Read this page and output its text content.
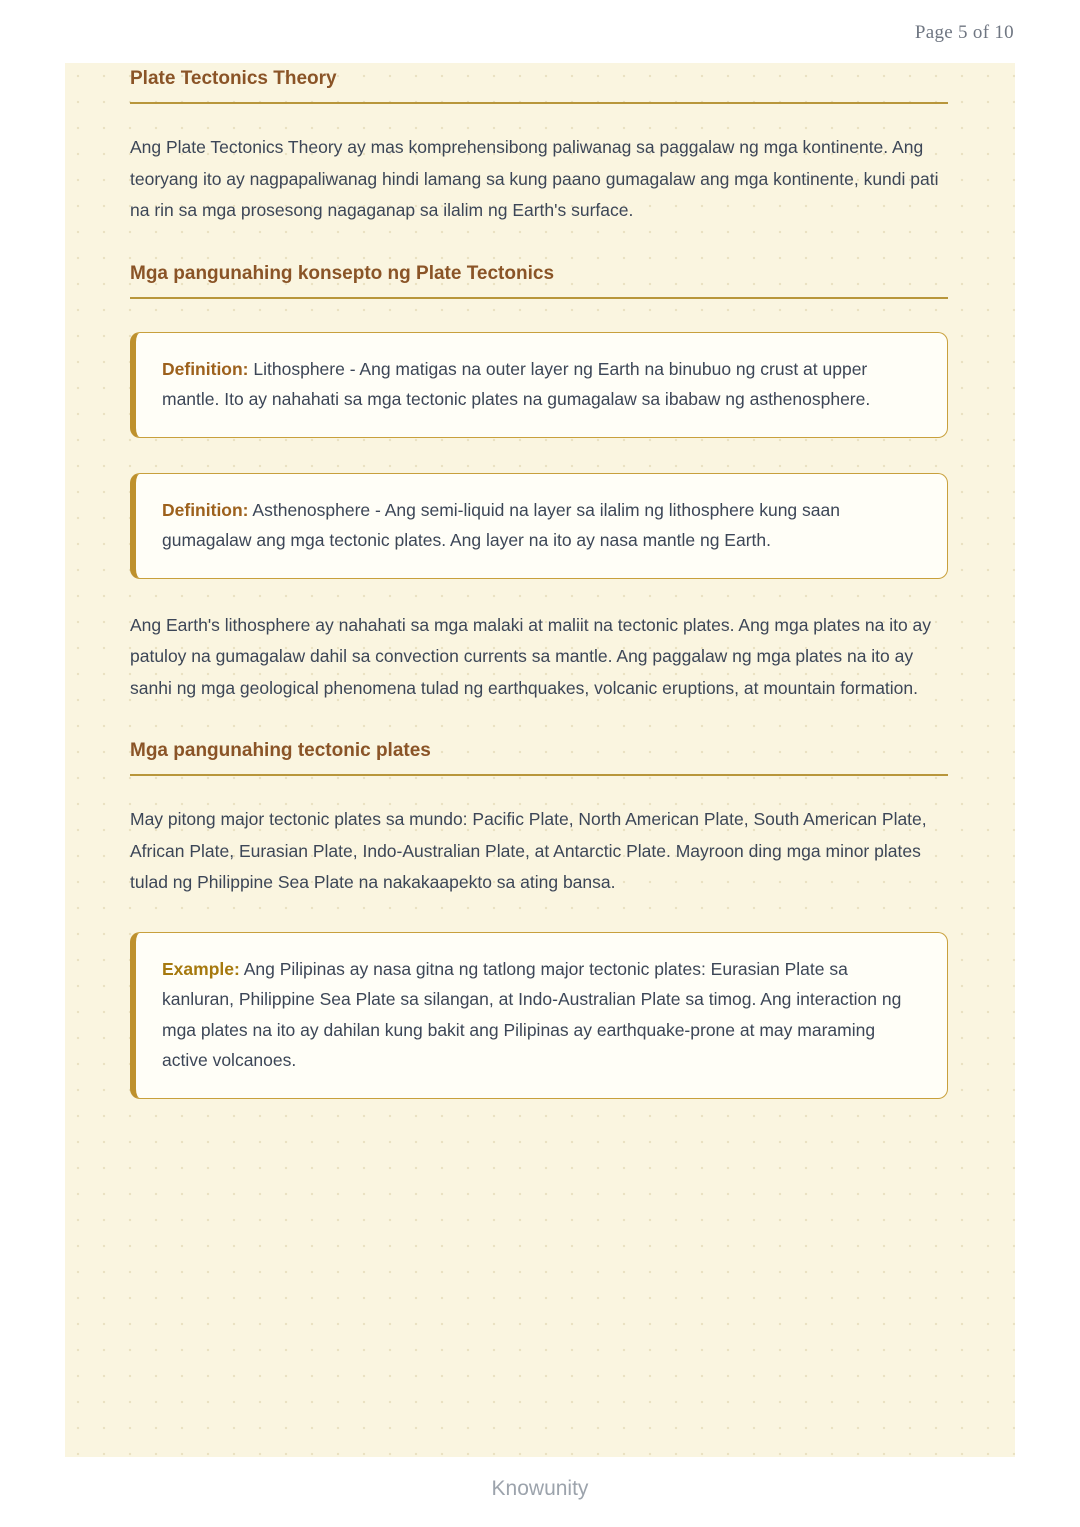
Page 5 of 10
Plate Tectonics Theory

Ang Plate Tectonics Theory ay mas komprehensibong paliwanag sa paggalaw ng mga kontinente. Ang teoryang ito ay nagpapaliwanag hindi lamang sa kung paano gumagalaw ang mga kontinente, kundi pati na rin sa mga prosesong nagaganap sa ilalim ng Earth's surface.

Mga pangunahing konsepto ng Plate Tectonics

Definition: Lithosphere - Ang matigas na outer layer ng Earth na binubuo ng crust at upper mantle. Ito ay nahahati sa mga tectonic plates na gumagalaw sa ibabaw ng asthenosphere.

Definition: Asthenosphere - Ang semi-liquid na layer sa ilalim ng lithosphere kung saan gumagalaw ang mga tectonic plates. Ang layer na ito ay nasa mantle ng Earth.

Ang Earth's lithosphere ay nahahati sa mga malaki at maliit na tectonic plates. Ang mga plates na ito ay patuloy na gumagalaw dahil sa convection currents sa mantle. Ang paggalaw ng mga plates na ito ay sanhi ng mga geological phenomena tulad ng earthquakes, volcanic eruptions, at mountain formation.

Mga pangunahing tectonic plates

May pitong major tectonic plates sa mundo: Pacific Plate, North American Plate, South American Plate, African Plate, Eurasian Plate, Indo-Australian Plate, at Antarctic Plate. Mayroon ding mga minor plates tulad ng Philippine Sea Plate na nakakaapekto sa ating bansa.

Example: Ang Pilipinas ay nasa gitna ng tatlong major tectonic plates: Eurasian Plate sa kanluran, Philippine Sea Plate sa silangan, at Indo-Australian Plate sa timog. Ang interaction ng mga plates na ito ay dahilan kung bakit ang Pilipinas ay earthquake-prone at may maraming active volcanoes.

Knowunity
